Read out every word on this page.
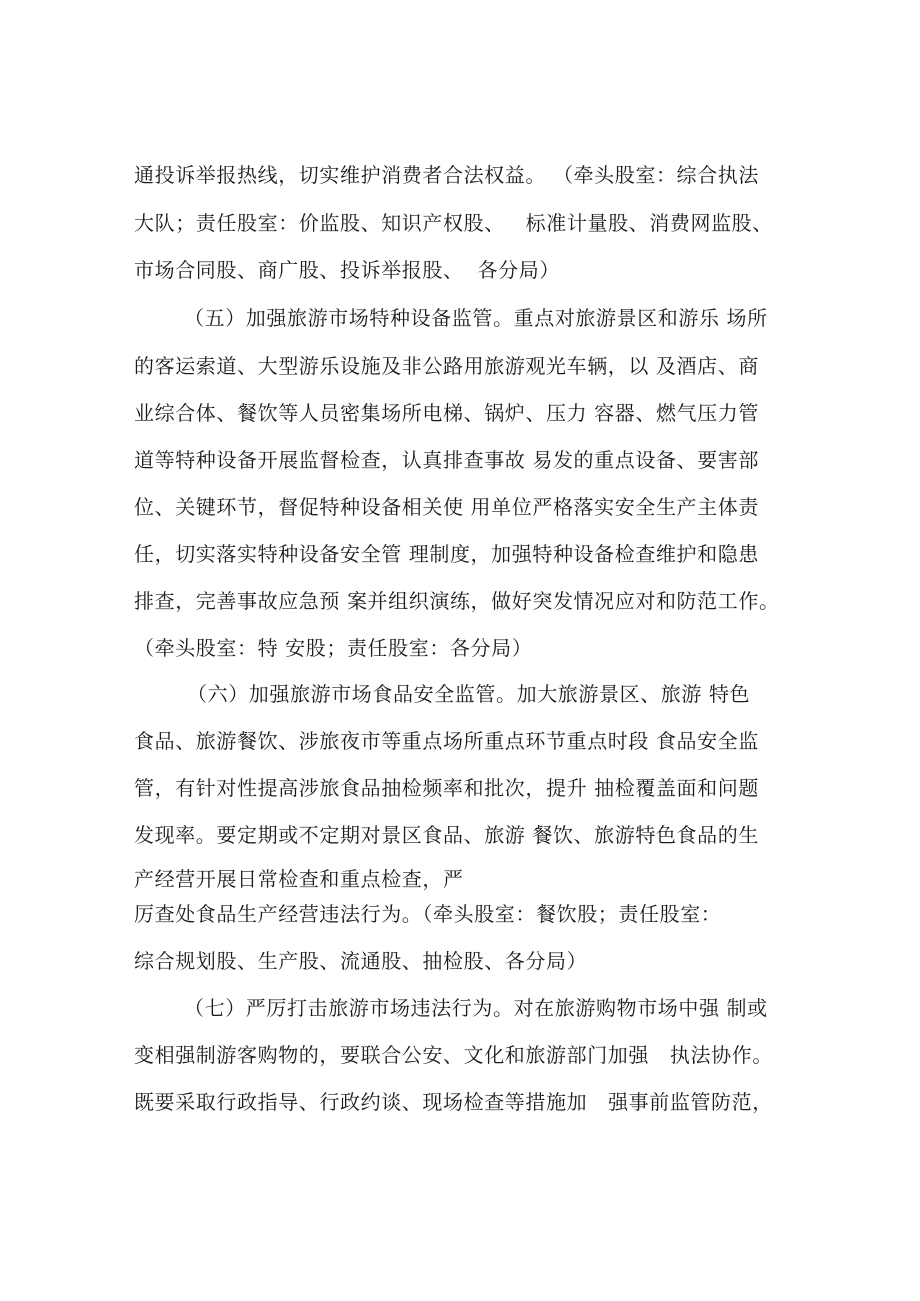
通投诉举报热线，切实维护消费者合法权益。 （牵头股室：综合执法
大队；责任股室：价监股、知识产权股、   标准计量股、消费网监股、
市场合同股、商广股、投诉举报股、  各分局）
（五）加强旅游市场特种设备监管。重点对旅游景区和游乐 场所
的客运索道、大型游乐设施及非公路用旅游观光车辆，以 及酒店、商
业综合体、餐饮等人员密集场所电梯、锅炉、压力 容器、燃气压力管
道等特种设备开展监督检查，认真排查事故 易发的重点设备、要害部
位、关键环节，督促特种设备相关使 用单位严格落实安全生产主体责
任，切实落实特种设备安全管 理制度，加强特种设备检查维护和隐患
排查，完善事故应急预 案并组织演练，做好突发情况应对和防范工作。
（牵头股室：特 安股；责任股室：各分局）
（六）加强旅游市场食品安全监管。加大旅游景区、旅游 特色
食品、旅游餐饮、涉旅夜市等重点场所重点环节重点时段 食品安全监
管，有针对性提高涉旅食品抽检频率和批次，提升 抽检覆盖面和问题
发现率。要定期或不定期对景区食品、旅游 餐饮、旅游特色食品的生
产经营开展日常检查和重点检查，严
厉查处食品生产经营违法行为。（牵头股室：餐饮股；责任股室：
综合规划股、生产股、流通股、抽检股、各分局）
（七）严厉打击旅游市场违法行为。对在旅游购物市场中强 制或
变相强制游客购物的，要联合公安、文化和旅游部门加强   执法协作。
既要采取行政指导、行政约谈、现场检查等措施加   强事前监管防范，
